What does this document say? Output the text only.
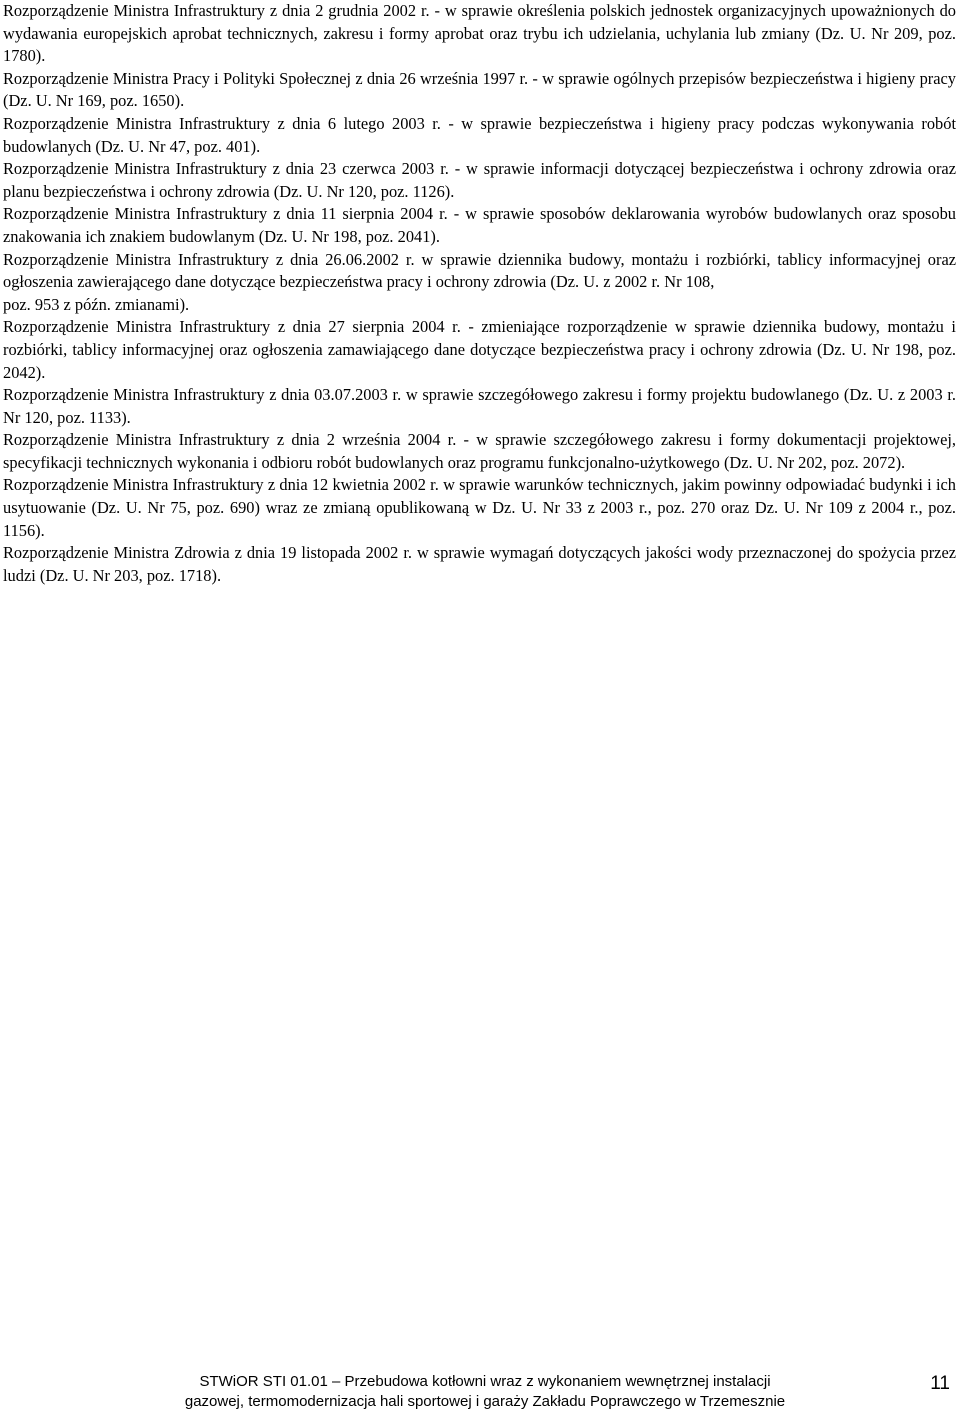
Rozporządzenie Ministra Infrastruktury z dnia 2 grudnia 2002 r. - w sprawie określenia polskich jednostek organizacyjnych upoważnionych do wydawania europejskich aprobat technicznych, zakresu i formy aprobat oraz trybu ich udzielania, uchylania lub zmiany (Dz. U. Nr 209, poz. 1780).

Rozporządzenie Ministra Pracy i Polityki Społecznej z dnia 26 września 1997 r. - w sprawie ogólnych przepisów bezpieczeństwa i higieny pracy (Dz. U. Nr 169, poz. 1650).

Rozporządzenie Ministra Infrastruktury z dnia 6 lutego 2003 r. - w sprawie bezpieczeństwa i higieny pracy podczas wykonywania robót budowlanych (Dz. U. Nr 47, poz. 401).

Rozporządzenie Ministra Infrastruktury z dnia 23 czerwca 2003 r. - w sprawie informacji dotyczącej bezpieczeństwa i ochrony zdrowia oraz planu bezpieczeństwa i ochrony zdrowia (Dz. U. Nr 120, poz. 1126).

Rozporządzenie Ministra Infrastruktury z dnia 11 sierpnia 2004 r. - w sprawie sposobów deklarowania wyrobów budowlanych oraz sposobu znakowania ich znakiem budowlanym (Dz. U. Nr 198, poz. 2041).

Rozporządzenie Ministra Infrastruktury z dnia 26.06.2002 r. w sprawie dziennika budowy, montażu i rozbiórki, tablicy informacyjnej oraz ogłoszenia zawierającego dane dotyczące bezpieczeństwa pracy i ochrony zdrowia (Dz. U. z 2002 r. Nr 108,
poz. 953 z późn. zmianami).

Rozporządzenie Ministra Infrastruktury z dnia 27 sierpnia 2004 r. - zmieniające rozporządzenie w sprawie dziennika budowy, montażu i rozbiórki, tablicy informacyjnej oraz ogłoszenia zamawiającego dane dotyczące bezpieczeństwa pracy i ochrony zdrowia (Dz. U. Nr 198, poz. 2042).

Rozporządzenie Ministra Infrastruktury z dnia 03.07.2003 r. w sprawie szczegółowego zakresu i formy projektu budowlanego (Dz. U. z 2003 r. Nr 120, poz. 1133).

Rozporządzenie Ministra Infrastruktury z dnia 2 września 2004 r. - w sprawie szczegółowego zakresu i formy dokumentacji projektowej, specyfikacji technicznych wykonania i odbioru robót budowlanych oraz programu funkcjonalno-użytkowego (Dz. U. Nr 202, poz. 2072).

Rozporządzenie Ministra Infrastruktury z dnia 12 kwietnia 2002 r. w sprawie warunków technicznych, jakim powinny odpowiadać budynki i ich usytuowanie (Dz. U. Nr 75, poz. 690) wraz ze zmianą opublikowaną w Dz. U. Nr 33 z 2003 r., poz. 270 oraz Dz. U. Nr 109 z 2004 r., poz. 1156).

Rozporządzenie Ministra Zdrowia z dnia 19 listopada 2002 r. w sprawie wymagań dotyczących jakości wody przeznaczonej do spożycia przez ludzi (Dz. U. Nr 203, poz. 1718).

STWiOR STI 01.01 – Przebudowa kotłowni wraz z wykonaniem wewnętrznej instalacji
gazowej, termomodernizacja hali sportowej i garaży Zakładu Poprawczego w Trzemesznie
11
